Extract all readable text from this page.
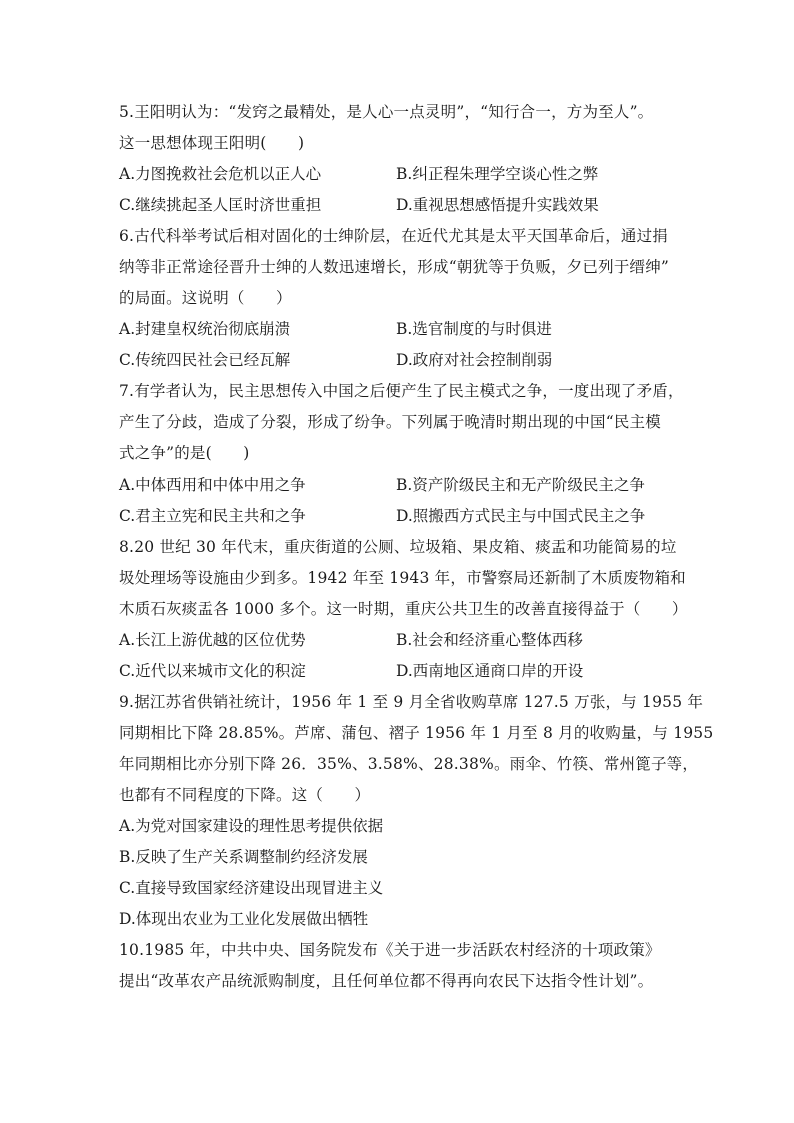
5.王阳明认为：“发窍之最精处，是人心一点灵明”，“知行合一，方为至人”。
这一思想体现王阳明(　　)
A.力图挽救社会危机以正人心	B.纠正程朱理学空谈心性之弊
C.继续挑起圣人匡时济世重担	D.重视思想感悟提升实践效果
6.古代科举考试后相对固化的士绅阶层，在近代尤其是太平天国革命后，通过捐
纳等非正常途径晋升士绅的人数迅速增长，形成“朝犹等于负贩，夕已列于缙绅”
的局面。这说明（　　）
A.封建皇权统治彻底崩溃	B.选官制度的与时俱进
C.传统四民社会已经瓦解	D.政府对社会控制削弱
7.有学者认为，民主思想传入中国之后便产生了民主模式之争，一度出现了矛盾，
产生了分歧，造成了分裂，形成了纷争。下列属于晚清时期出现的中国“民主模
式之争”的是(　　)
A.中体西用和中体中用之争	B.资产阶级民主和无产阶级民主之争
C.君主立宪和民主共和之争	D.照搬西方式民主与中国式民主之争
8.20 世纪 30 年代末，重庆街道的公厕、垃圾箱、果皮箱、痰盂和功能简易的垃
圾处理场等设施由少到多。1942 年至 1943 年，市警察局还新制了木质废物箱和
木质石灰痰盂各 1000 多个。这一时期，重庆公共卫生的改善直接得益于（　　）
A.长江上游优越的区位优势	B.社会和经济重心整体西移
C.近代以来城市文化的积淀	D.西南地区通商口岸的开设
9.据江苏省供销社统计，1956 年 1 至 9 月全省收购草席 127.5 万张，与 1955 年
同期相比下降 28.85%。芦席、蒲包、褶子 1956 年 1 月至 8 月的收购量，与 1955
年同期相比亦分别下降 26．35%、3.58%、28.38%。雨伞、竹筷、常州篦子等，
也都有不同程度的下降。这（　　）
A.为党对国家建设的理性思考提供依据
B.反映了生产关系调整制约经济发展
C.直接导致国家经济建设出现冒进主义
D.体现出农业为工业化发展做出牺牲
10.1985 年，中共中央、国务院发布《关于进一步活跃农村经济的十项政策》
提出“改革农产品统派购制度，且任何单位都不得再向农民下达指令性计划”。
